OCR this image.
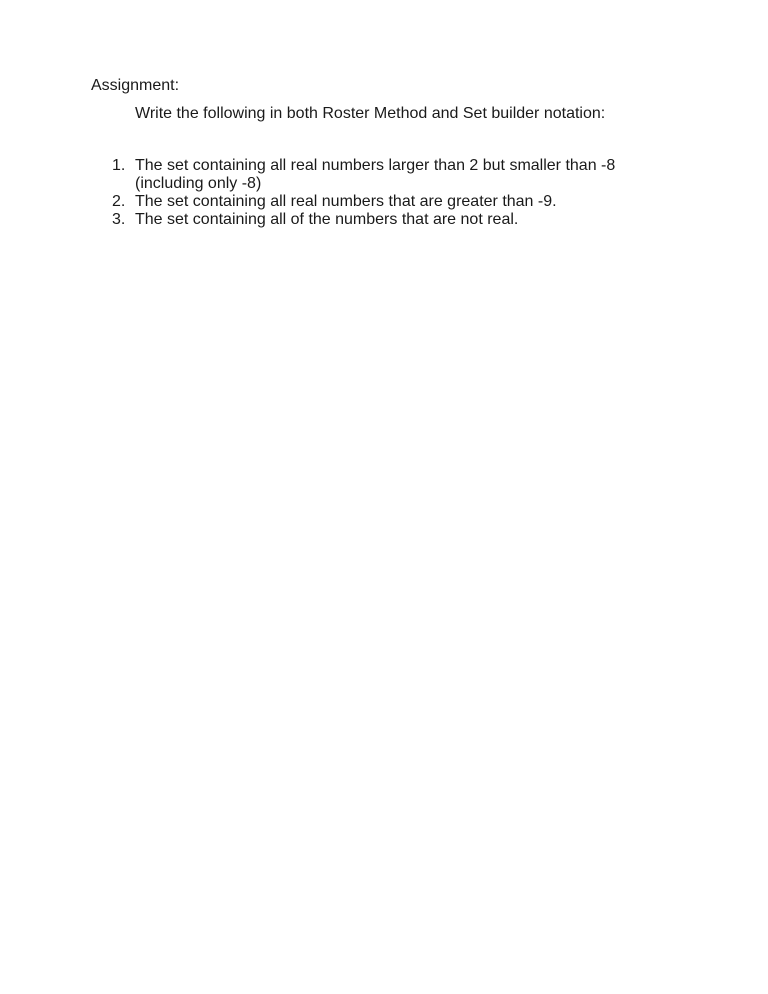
Assignment:
Write the following in both Roster Method and Set builder notation:
1. The set containing all real numbers larger than 2 but smaller than -8
(including only -8)
2. The set containing all real numbers that are greater than -9.
3. The set containing all of the numbers that are not real.
